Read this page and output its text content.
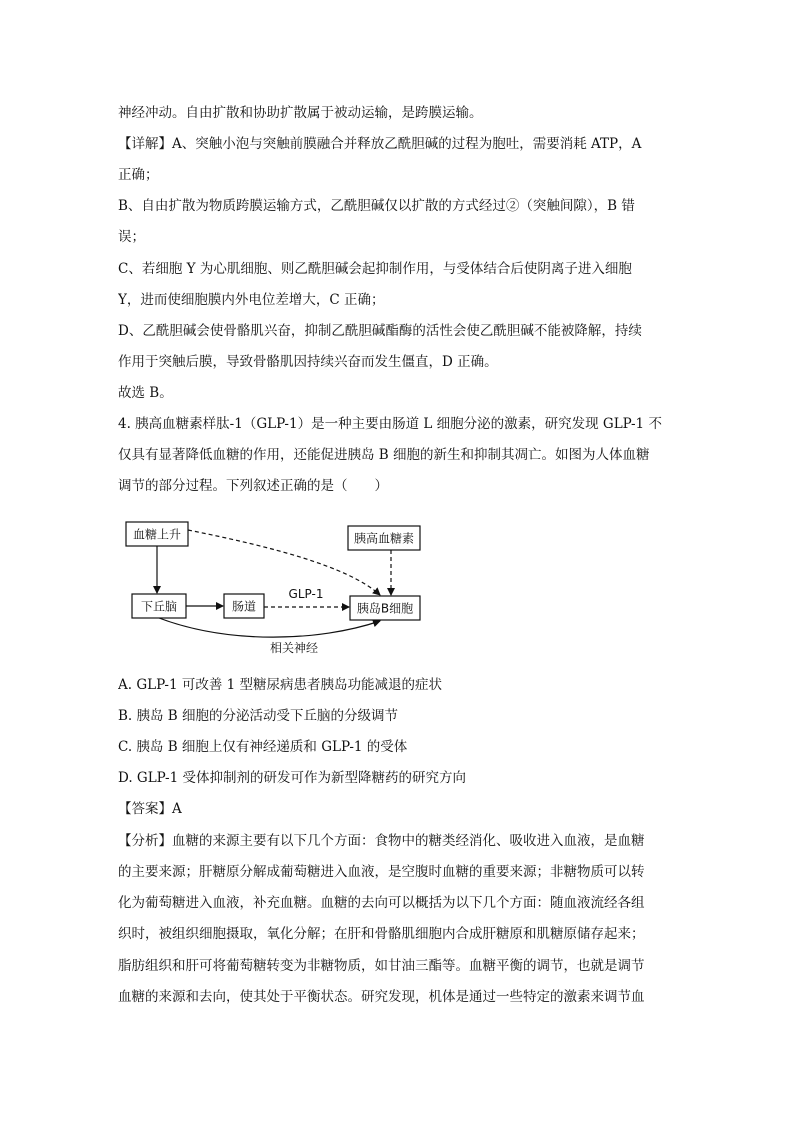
神经冲动。自由扩散和协助扩散属于被动运输，是跨膜运输。
【详解】A、突触小泡与突触前膜融合并释放乙酰胆碱的过程为胞吐，需要消耗 ATP，A
正确；
B、自由扩散为物质跨膜运输方式，乙酰胆碱仅以扩散的方式经过②（突触间隙），B 错
误；
C、若细胞 Y 为心肌细胞、则乙酰胆碱会起抑制作用，与受体结合后使阴离子进入细胞
Y，进而使细胞膜内外电位差增大，C 正确；
D、乙酰胆碱会使骨骼肌兴奋，抑制乙酰胆碱酯酶的活性会使乙酰胆碱不能被降解，持续
作用于突触后膜，导致骨骼肌因持续兴奋而发生僵直，D 正确。
故选 B。
4. 胰高血糖素样肽-1（GLP-1）是一种主要由肠道 L 细胞分泌的激素，研究发现 GLP-1 不
仅具有显著降低血糖的作用，还能促进胰岛 B 细胞的新生和抑制其凋亡。如图为人体血糖
调节的部分过程。下列叙述正确的是（　　）
血糖上升	胰高血糖素
下丘脑	肠道	胰岛B细胞
GLP-1
相关神经
A. GLP-1 可改善 1 型糖尿病患者胰岛功能减退的症状
B. 胰岛 B 细胞的分泌活动受下丘脑的分级调节
C. 胰岛 B 细胞上仅有神经递质和 GLP-1 的受体
D. GLP-1 受体抑制剂的研发可作为新型降糖药的研究方向
【答案】A
【分析】血糖的来源主要有以下几个方面：食物中的糖类经消化、吸收进入血液，是血糖
的主要来源；肝糖原分解成葡萄糖进入血液，是空腹时血糖的重要来源；非糖物质可以转
化为葡萄糖进入血液，补充血糖。血糖的去向可以概括为以下几个方面：随血液流经各组
织时，被组织细胞摄取，氧化分解；在肝和骨骼肌细胞内合成肝糖原和肌糖原储存起来；
脂肪组织和肝可将葡萄糖转变为非糖物质，如甘油三酯等。血糖平衡的调节，也就是调节
血糖的来源和去向，使其处于平衡状态。研究发现，机体是通过一些特定的激素来调节血
